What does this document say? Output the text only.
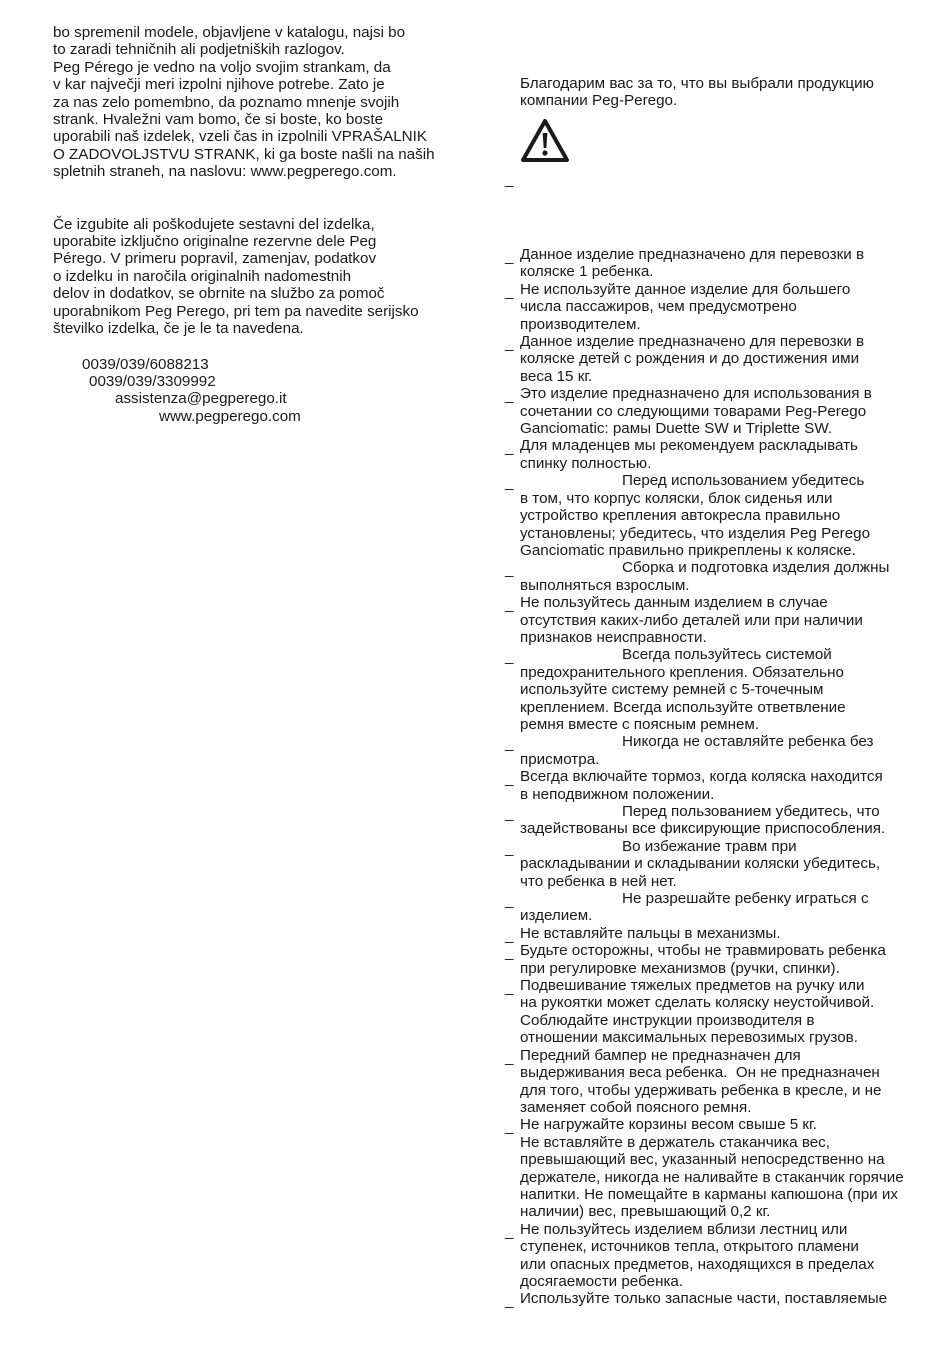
bo spremenil modele, objavljene v katalogu, najsi bo
to zaradi tehničnih ali podjetniških razlogov.
Peg Pérego je vedno na voljo svojim strankam, da
v kar največji meri izpolni njihove potrebe. Zato je
za nas zelo pomembno, da poznamo mnenje svojih
strank. Hvaležni vam bomo, če si boste, ko boste
uporabili naš izdelek, vzeli čas in izpolnili VPRAŠALNIK
O ZADOVOLJSTVU STRANK, ki ga boste našli na naših
spletnih straneh, na naslovu: www.pegperego.com.
Če izgubite ali poškodujete sestavni del izdelka,
uporabite izključno originalne rezervne dele Peg
Pérego. V primeru popravil, zamenjav, podatkov
o izdelku in naročila originalnih nadomestnih
delov in dodatkov, se obrnite na službo za pomoč
uporabnikom Peg Perego, pri tem pa navedite serijsko
številko izdelka, če je le ta navedena.
0039/039/6088213
0039/039/3309992
assistenza@pegperego.it
www.pegperego.com
Благодарим вас за то, что вы выбрали продукцию
компании Peg-Perego.
_
_ Данное изделие предназначено для перевозки в
коляске 1 ребенка.
_ Не используйте данное изделие для большего
числа пассажиров, чем предусмотрено
производителем.
_ Данное изделие предназначено для перевозки в
коляске детей с рождения и до достижения ими
веса 15 кг.
_ Это изделие предназначено для использования в
сочетании со следующими товарами Peg-Perego
Ganciomatic: рамы Duette SW и Triplette SW.
_ Для младенцев мы рекомендуем раскладывать
спинку полностью.
_	Перед использованием убедитесь
в том, что корпус коляски, блок сиденья или
устройство крепления автокресла правильно
установлены; убедитесь, что изделия Peg Perego
Ganciomatic правильно прикреплены к коляске.
_	Сборка и подготовка изделия должны
выполняться взрослым.
_ Не пользуйтесь данным изделием в случае
отсутствия каких-либо деталей или при наличии
признаков неисправности.
_	Всегда пользуйтесь системой
предохранительного крепления. Обязательно
используйте систему ремней с 5-точечным
креплением. Всегда используйте ответвление
ремня вместе с поясным ремнем.
_	Никогда не оставляйте ребенка без
присмотра.
_ Всегда включайте тормоз, когда коляска находится
в неподвижном положении.
_	Перед пользованием убедитесь, что
задействованы все фиксирующие приспособления.
_	Во избежание травм при
раскладывании и складывании коляски убедитесь,
что ребенка в ней нет.
_	Не разрешайте ребенку играться с
изделием.
_ Не вставляйте пальцы в механизмы.
_ Будьте осторожны, чтобы не травмировать ребенка
при регулировке механизмов (ручки, спинки).
_ Подвешивание тяжелых предметов на ручку или
на рукоятки может сделать коляску неустойчивой.
Соблюдайте инструкции производителя в
отношении максимальных перевозимых грузов.
_ Передний бампер не предназначен для
выдерживания веса ребенка.  Он не предназначен
для того, чтобы удерживать ребенка в кресле, и не
заменяет собой поясного ремня.
_ Не нагружайте корзины весом свыше 5 кг.
Не вставляйте в держатель стаканчика вес,
превышающий вес, указанный непосредственно на
держателе, никогда не наливайте в стаканчик горячие
напитки. Не помещайте в карманы капюшона (при их
наличии) вес, превышающий 0,2 кг.
_ Не пользуйтесь изделием вблизи лестниц или
ступенек, источников тепла, открытого пламени
или опасных предметов, находящихся в пределах
досягаемости ребенка.
_ Используйте только запасные части, поставляемые
